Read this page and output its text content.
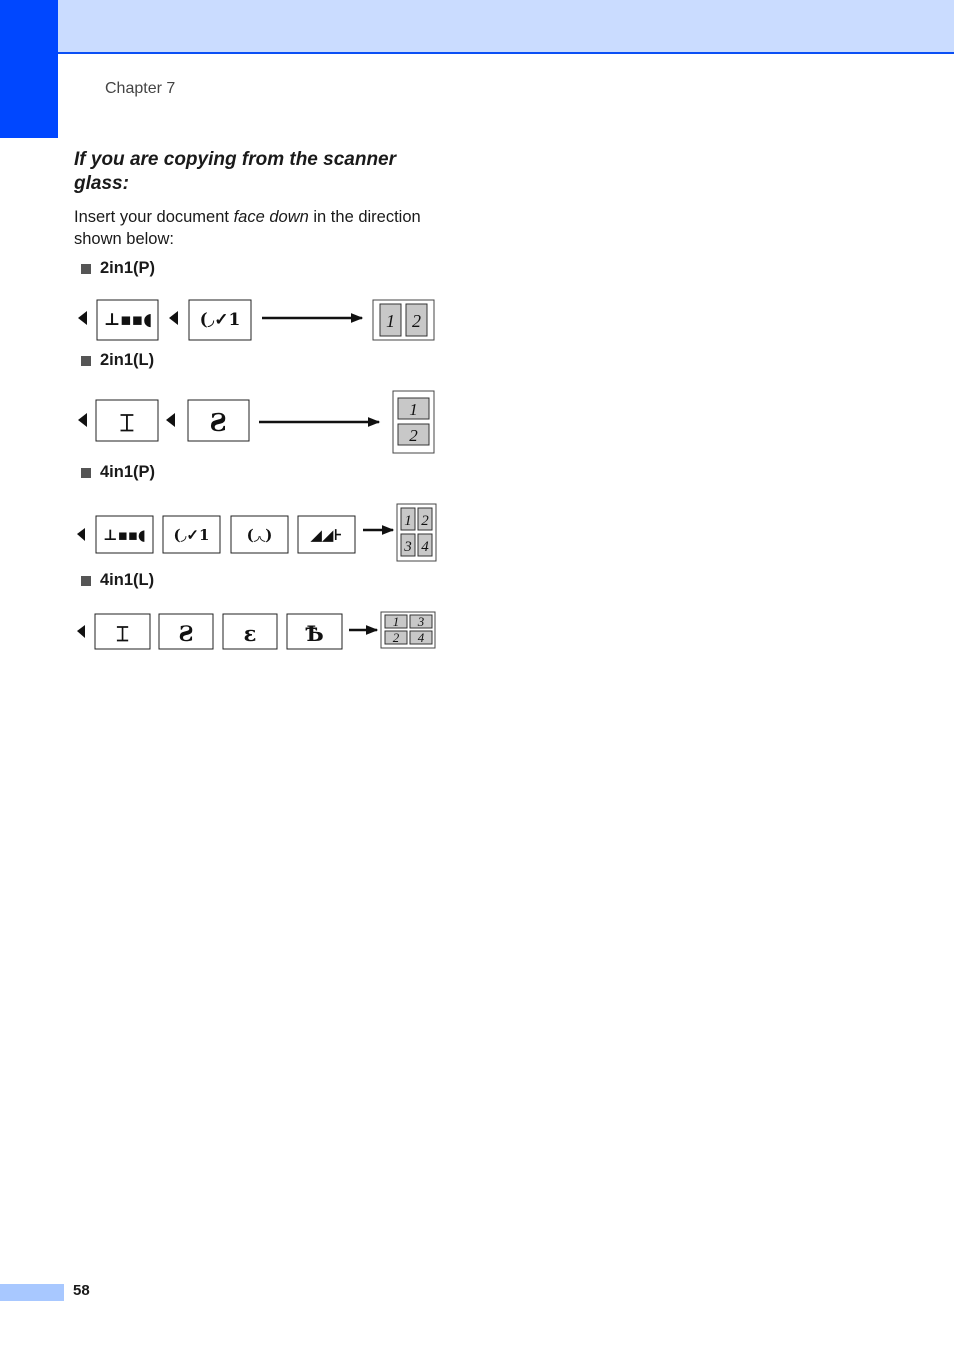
Chapter 7
If you are copying from the scanner glass:
Insert your document face down in the direction shown below:
2in1(P)
2in1(L)
4in1(P)
4in1(L)
⊥▪▪◖	(◞✓1	1 2
⌶	Ƨ	1
2
⊥▪▪◖ (◞✓1 (◞◟)	◢◢⊦
1 2
3 4
⌶ Ƨ ɛ Ѣ	1 3
2 4
58
